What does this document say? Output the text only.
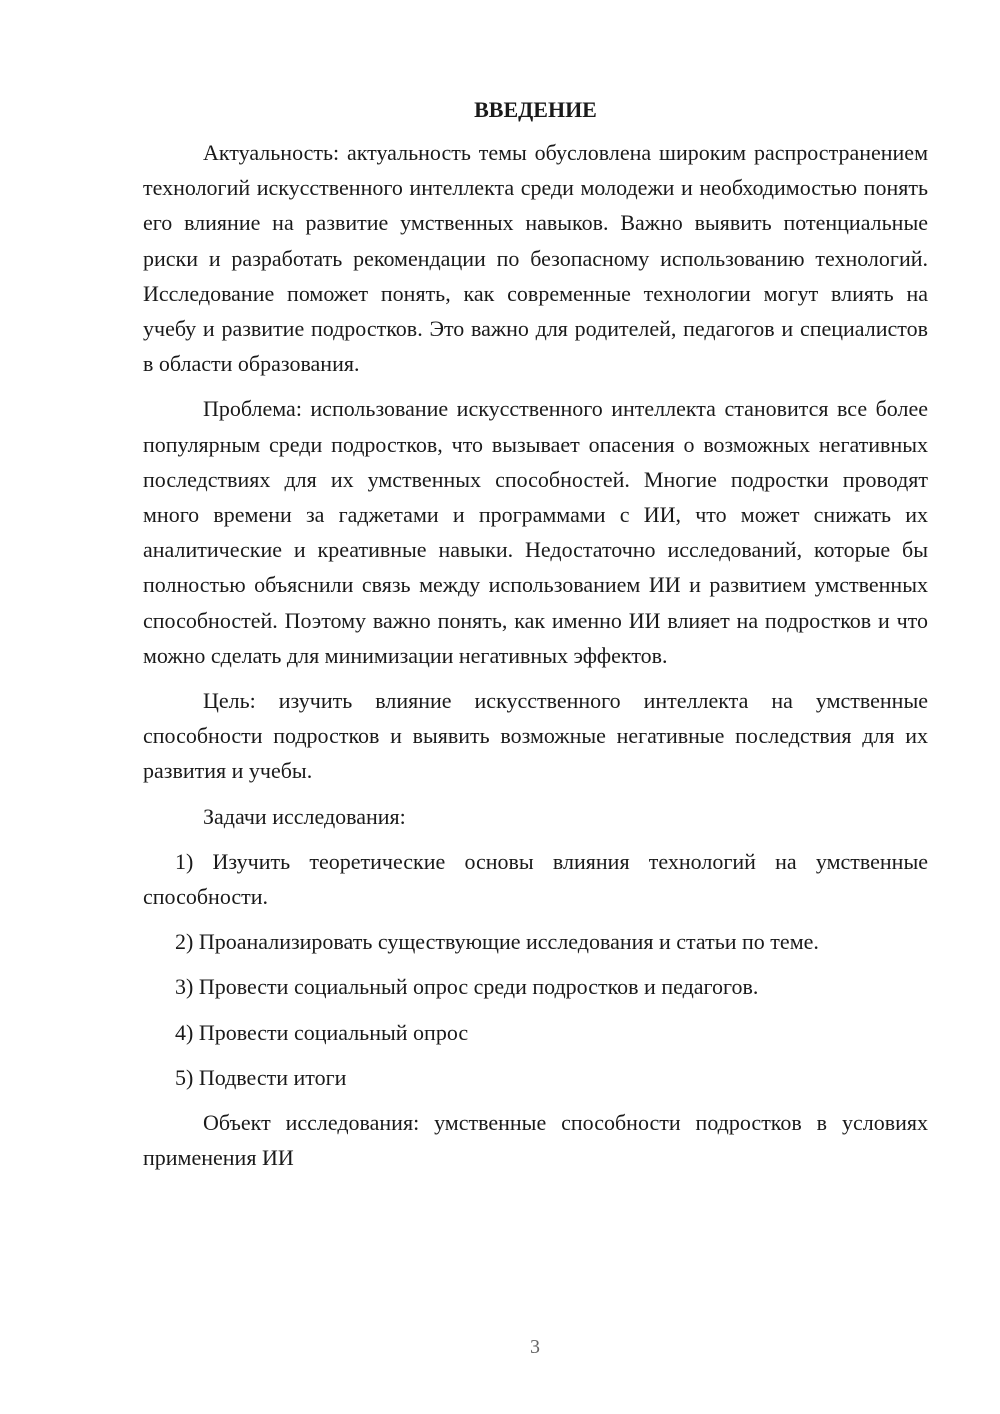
ВВЕДЕНИЕ

Актуальность: актуальность темы обусловлена широким распространением технологий искусственного интеллекта среди молодежи и необходимостью понять его влияние на развитие умственных навыков. Важно выявить потенциальные риски и разработать рекомендации по безопасному использованию технологий. Исследование поможет понять, как современные технологии могут влиять на учебу и развитие подростков. Это важно для родителей, педагогов и специалистов в области образования.

Проблема: использование искусственного интеллекта становится все более популярным среди подростков, что вызывает опасения о возможных негативных последствиях для их умственных способностей. Многие подростки проводят много времени за гаджетами и программами с ИИ, что может снижать их аналитические и креативные навыки. Недостаточно исследований, которые бы полностью объяснили связь между использованием ИИ и развитием умственных способностей. Поэтому важно понять, как именно ИИ влияет на подростков и что можно сделать для минимизации негативных эффектов.

Цель: изучить влияние искусственного интеллекта на умственные способности подростков и выявить возможные негативные последствия для их развития и учебы.

Задачи исследования:

1) Изучить теоретические основы влияния технологий на умственные способности.

2) Проанализировать существующие исследования и статьи по теме.

3) Провести социальный опрос среди подростков и педагогов.

4) Провести социальный опрос

5) Подвести итоги

Объект исследования: умственные способности подростков в условиях применения ИИ

3
